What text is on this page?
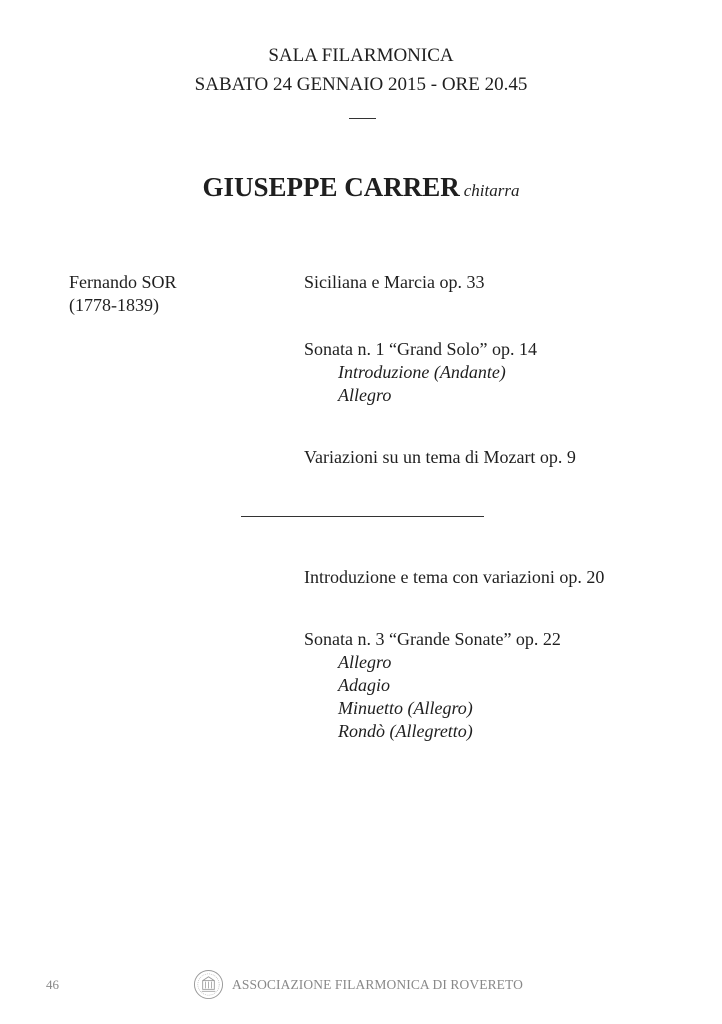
SALA FILARMONICA
SABATO 24 GENNAIO 2015 - ORE 20.45
GIUSEPPE CARRER chitarra
Fernando SOR
(1778-1839)
Siciliana e Marcia op. 33
Sonata n. 1 “Grand Solo” op. 14
Introduzione (Andante)
Allegro
Variazioni su un tema di Mozart op. 9
Introduzione e tema con variazioni op. 20
Sonata n. 3 “Grande Sonate” op. 22
Allegro
Adagio
Minuetto (Allegro)
Rondò (Allegretto)
46	ASSOCIAZIONE FILARMONICA DI ROVERETO
